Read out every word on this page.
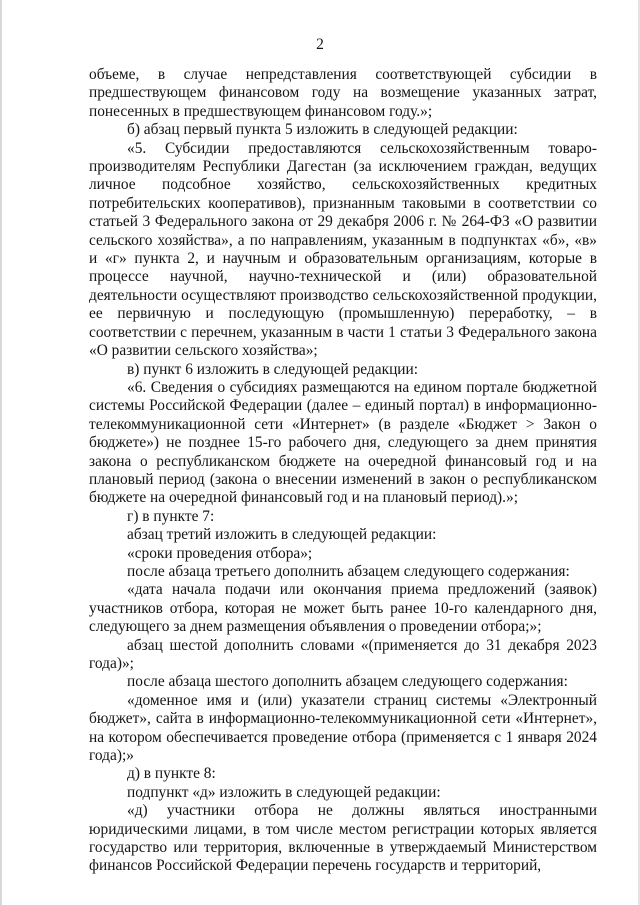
2

объеме, в случае непредставления соответствующей субсидии в предшествующем финансовом году на возмещение указанных затрат, понесенных в предшествующем финансовом году.»;

б) абзац первый пункта 5 изложить в следующей редакции:

«5. Субсидии предоставляются сельскохозяйственным товаро-производителям Республики Дагестан (за исключением граждан, ведущих личное подсобное хозяйство, сельскохозяйственных кредитных потребительских кооперативов), признанным таковыми в соответствии со статьей 3 Федерального закона от 29 декабря 2006 г. № 264-ФЗ «О развитии сельского хозяйства», а по направлениям, указанным в подпунктах «б», «в» и «г» пункта 2, и научным и образовательным организациям, которые в процессе научной, научно-технической и (или) образовательной деятельности осуществляют производство сельскохозяйственной продукции, ее первичную и последующую (промышленную) переработку, – в соответствии с перечнем, указанным в части 1 статьи 3 Федерального закона «О развитии сельского хозяйства»;

в) пункт 6 изложить в следующей редакции:

«6. Сведения о субсидиях размещаются на едином портале бюджетной системы Российской Федерации (далее – единый портал) в информационно-телекоммуникационной сети «Интернет» (в разделе «Бюджет > Закон о бюджете») не позднее 15-го рабочего дня, следующего за днем принятия закона о республиканском бюджете на очередной финансовый год и на плановый период (закона о внесении изменений в закон о республиканском бюджете на очередной финансовый год и на плановый период).»;

г) в пункте 7:

абзац третий изложить в следующей редакции:

«сроки проведения отбора»;

после абзаца третьего дополнить абзацем следующего содержания:

«дата начала подачи или окончания приема предложений (заявок) участников отбора, которая не может быть ранее 10-го календарного дня, следующего за днем размещения объявления о проведении отбора;»;

абзац шестой дополнить словами «(применяется до 31 декабря 2023 года)»;

после абзаца шестого дополнить абзацем следующего содержания:

«доменное имя и (или) указатели страниц системы «Электронный бюджет», сайта в информационно-телекоммуникационной сети «Интернет», на котором обеспечивается проведение отбора (применяется с 1 января 2024 года);»

д) в пункте 8:

подпункт «д» изложить в следующей редакции:

«д) участники отбора не должны являться иностранными юридическими лицами, в том числе местом регистрации которых является государство или территория, включенные в утверждаемый Министерством финансов Российской Федерации перечень государств и территорий,
